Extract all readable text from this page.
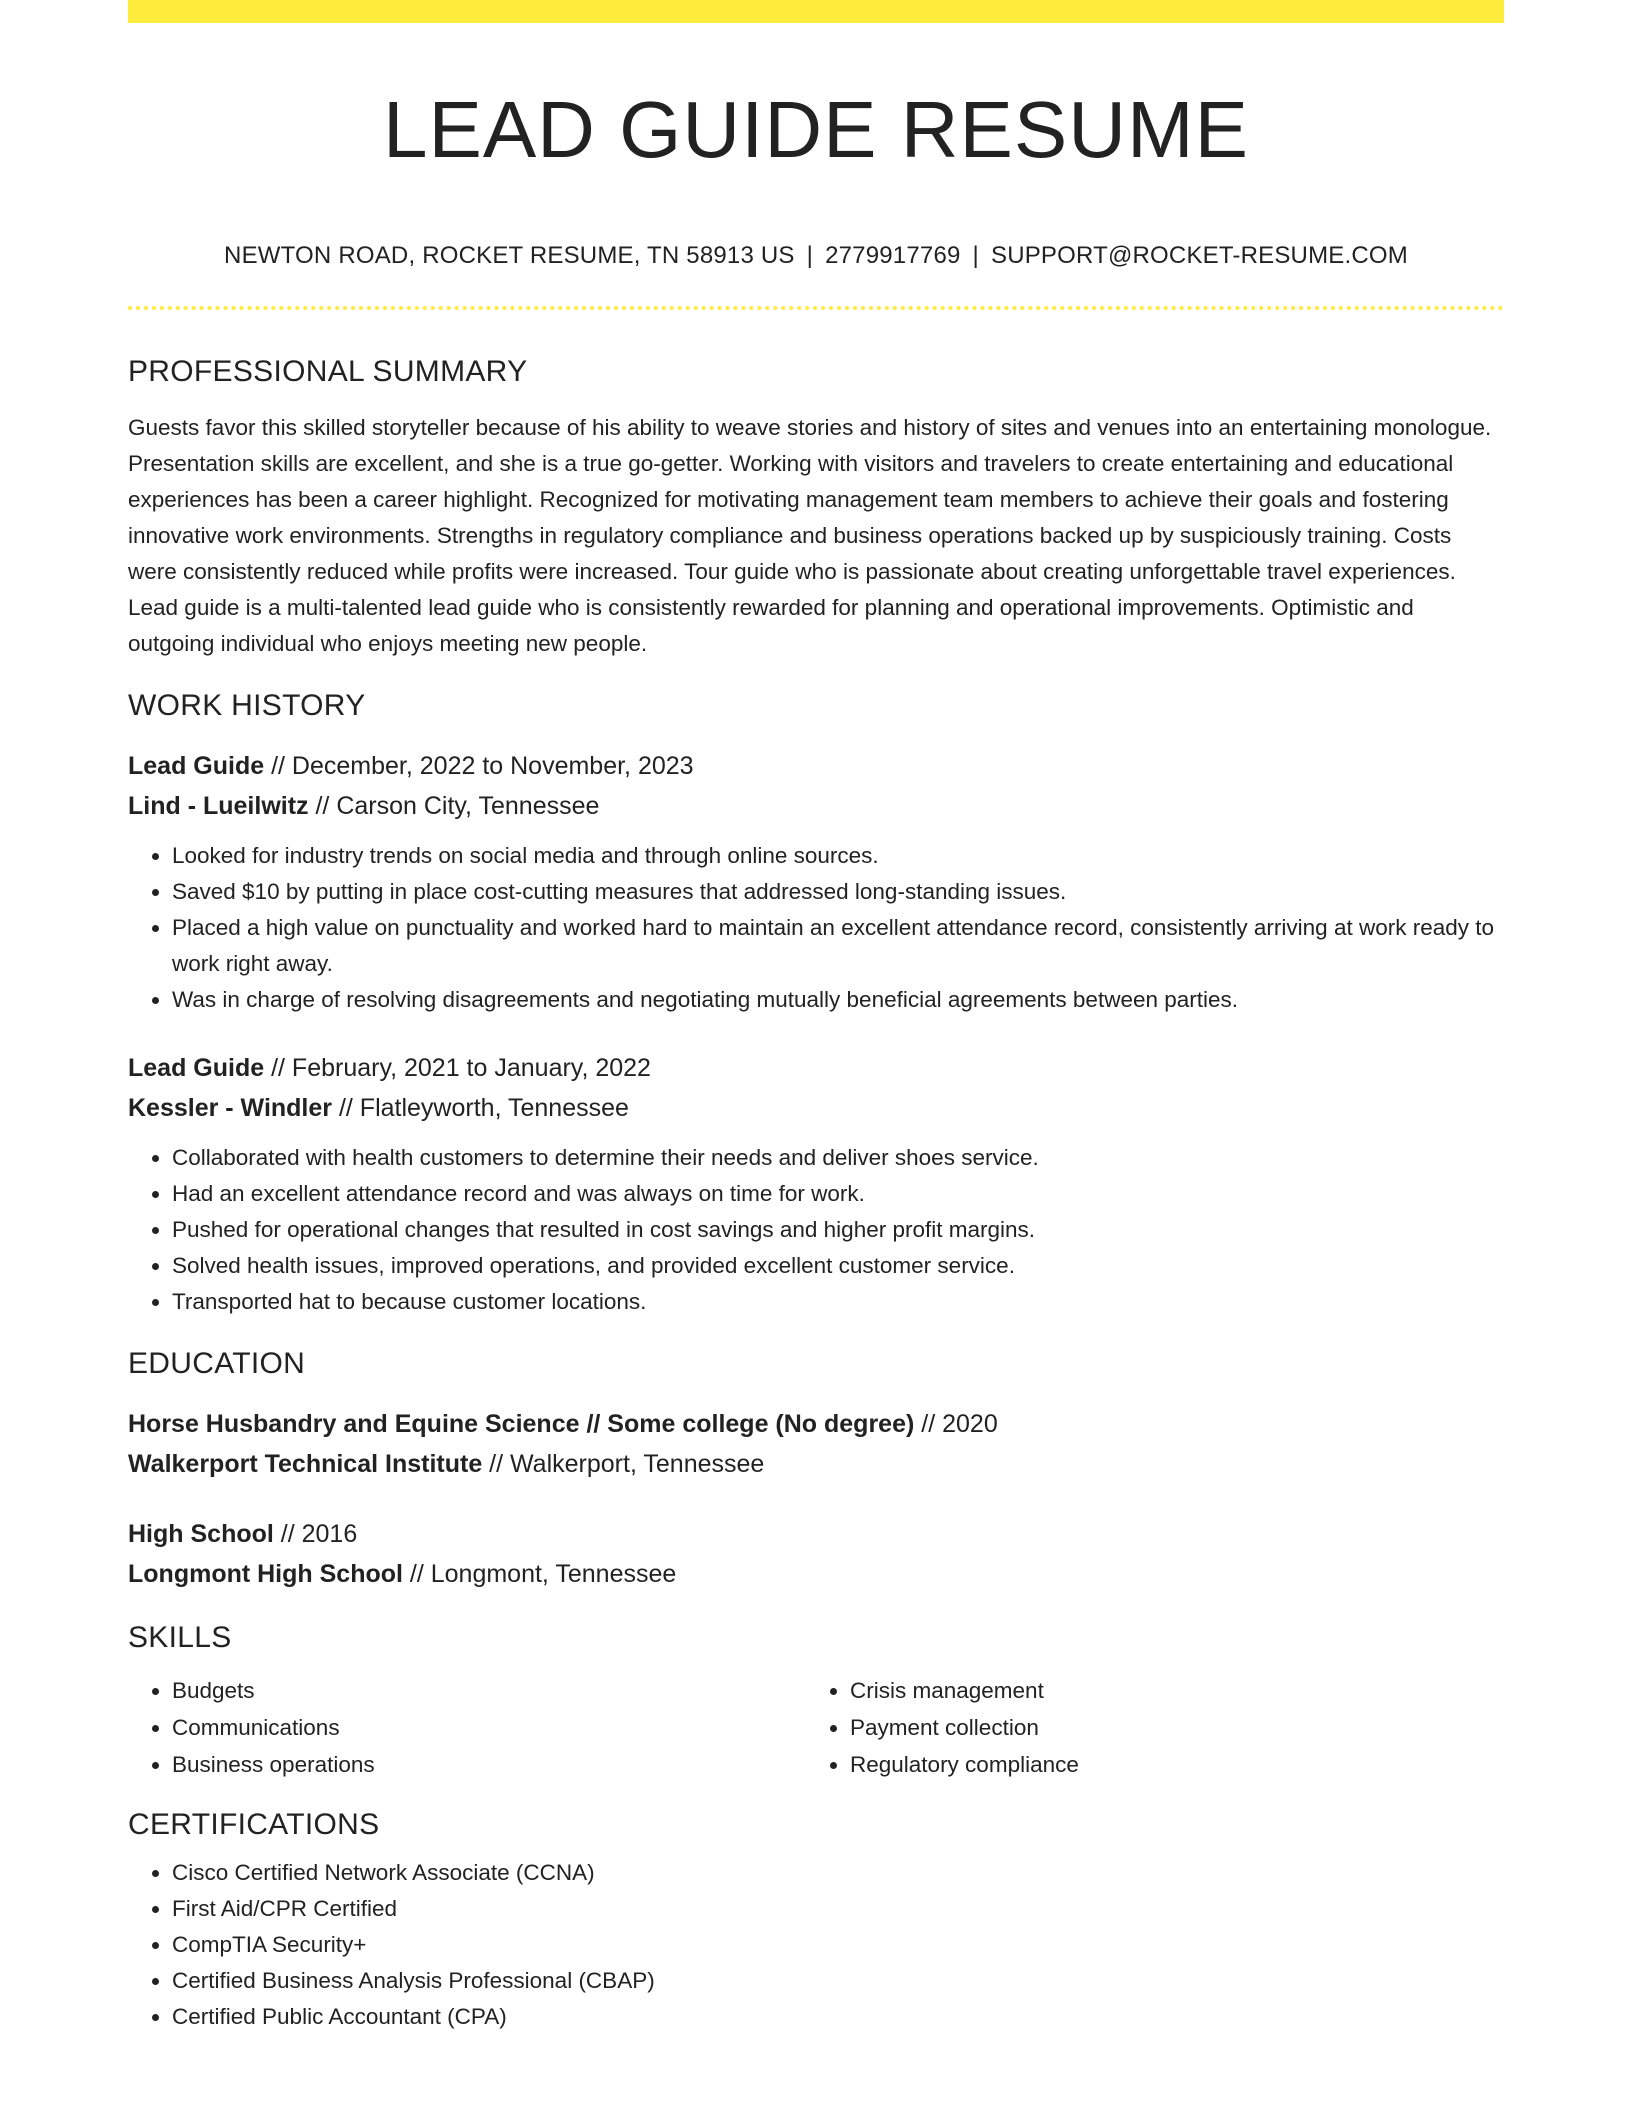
LEAD GUIDE RESUME
NEWTON ROAD, ROCKET RESUME, TN 58913 US | 2779917769 | SUPPORT@ROCKET-RESUME.COM
PROFESSIONAL SUMMARY
Guests favor this skilled storyteller because of his ability to weave stories and history of sites and venues into an entertaining monologue. Presentation skills are excellent, and she is a true go-getter. Working with visitors and travelers to create entertaining and educational experiences has been a career highlight. Recognized for motivating management team members to achieve their goals and fostering innovative work environments. Strengths in regulatory compliance and business operations backed up by suspiciously training. Costs were consistently reduced while profits were increased. Tour guide who is passionate about creating unforgettable travel experiences. Lead guide is a multi-talented lead guide who is consistently rewarded for planning and operational improvements. Optimistic and outgoing individual who enjoys meeting new people.
WORK HISTORY
Lead Guide // December, 2022 to November, 2023
Lind - Lueilwitz // Carson City, Tennessee
• Looked for industry trends on social media and through online sources.
• Saved $10 by putting in place cost-cutting measures that addressed long-standing issues.
• Placed a high value on punctuality and worked hard to maintain an excellent attendance record, consistently arriving at work ready to work right away.
• Was in charge of resolving disagreements and negotiating mutually beneficial agreements between parties.
Lead Guide // February, 2021 to January, 2022
Kessler - Windler // Flatleyworth, Tennessee
• Collaborated with health customers to determine their needs and deliver shoes service.
• Had an excellent attendance record and was always on time for work.
• Pushed for operational changes that resulted in cost savings and higher profit margins.
• Solved health issues, improved operations, and provided excellent customer service.
• Transported hat to because customer locations.
EDUCATION
Horse Husbandry and Equine Science // Some college (No degree) // 2020
Walkerport Technical Institute // Walkerport, Tennessee
High School // 2016
Longmont High School // Longmont, Tennessee
SKILLS
• Budgets
• Communications
• Business operations
• Crisis management
• Payment collection
• Regulatory compliance
CERTIFICATIONS
• Cisco Certified Network Associate (CCNA)
• First Aid/CPR Certified
• CompTIA Security+
• Certified Business Analysis Professional (CBAP)
• Certified Public Accountant (CPA)
